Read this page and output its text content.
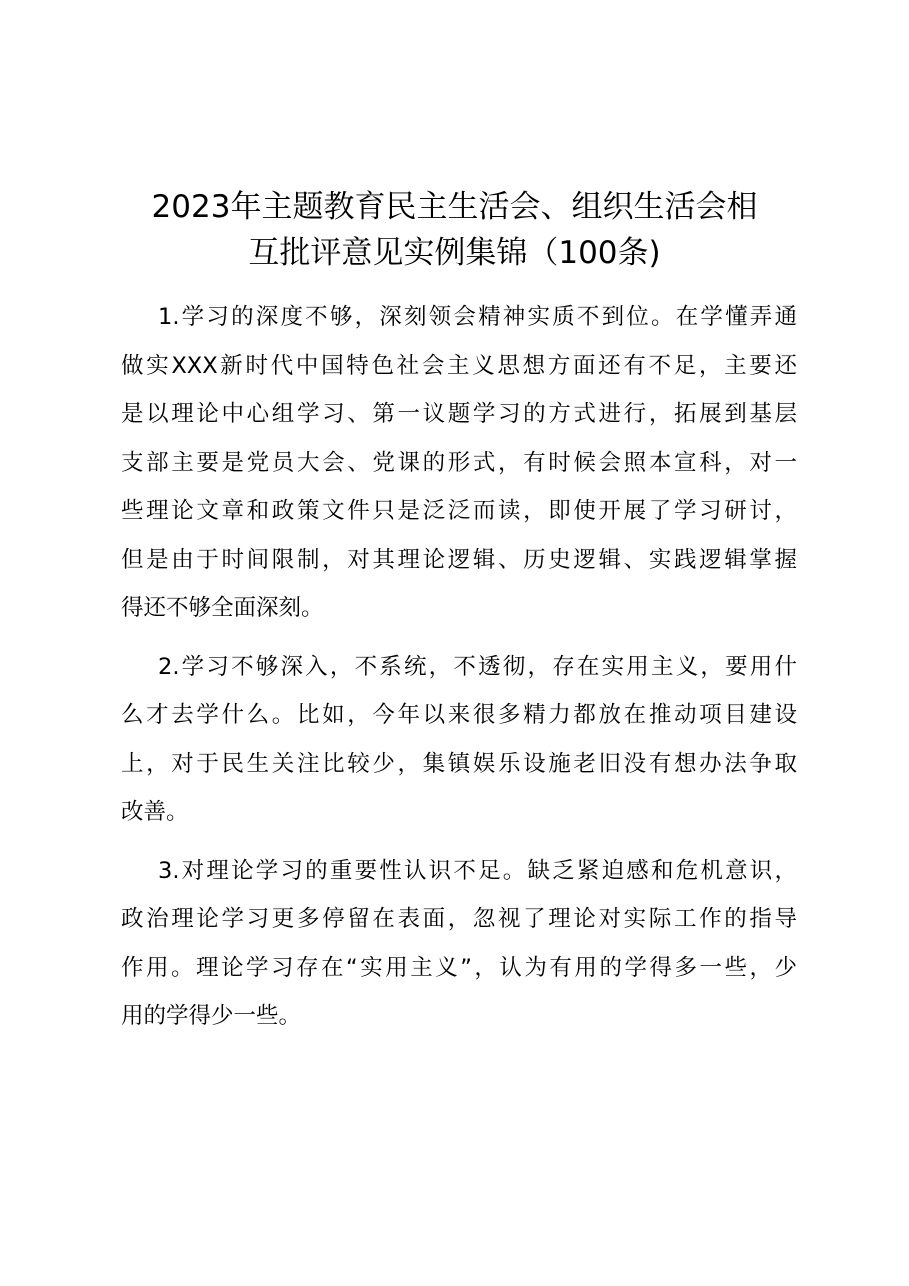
2023年主题教育民主生活会、组织生活会相
互批评意见实例集锦（100条)

1.学习的深度不够，深刻领会精神实质不到位。在学懂弄通
做实XXX新时代中国特色社会主义思想方面还有不足，主要还
是以理论中心组学习、第一议题学习的方式进行，拓展到基层
支部主要是党员大会、党课的形式，有时候会照本宣科，对一
些理论文章和政策文件只是泛泛而读，即使开展了学习研讨，
但是由于时间限制，对其理论逻辑、历史逻辑、实践逻辑掌握
得还不够全面深刻。

2.学习不够深入，不系统，不透彻，存在实用主义，要用什
么才去学什么。比如，今年以来很多精力都放在推动项目建设
上，对于民生关注比较少，集镇娱乐设施老旧没有想办法争取
改善。

3.对理论学习的重要性认识不足。缺乏紧迫感和危机意识，
政治理论学习更多停留在表面，忽视了理论对实际工作的指导
作用。理论学习存在“实用主义”，认为有用的学得多一些，少
用的学得少一些。
